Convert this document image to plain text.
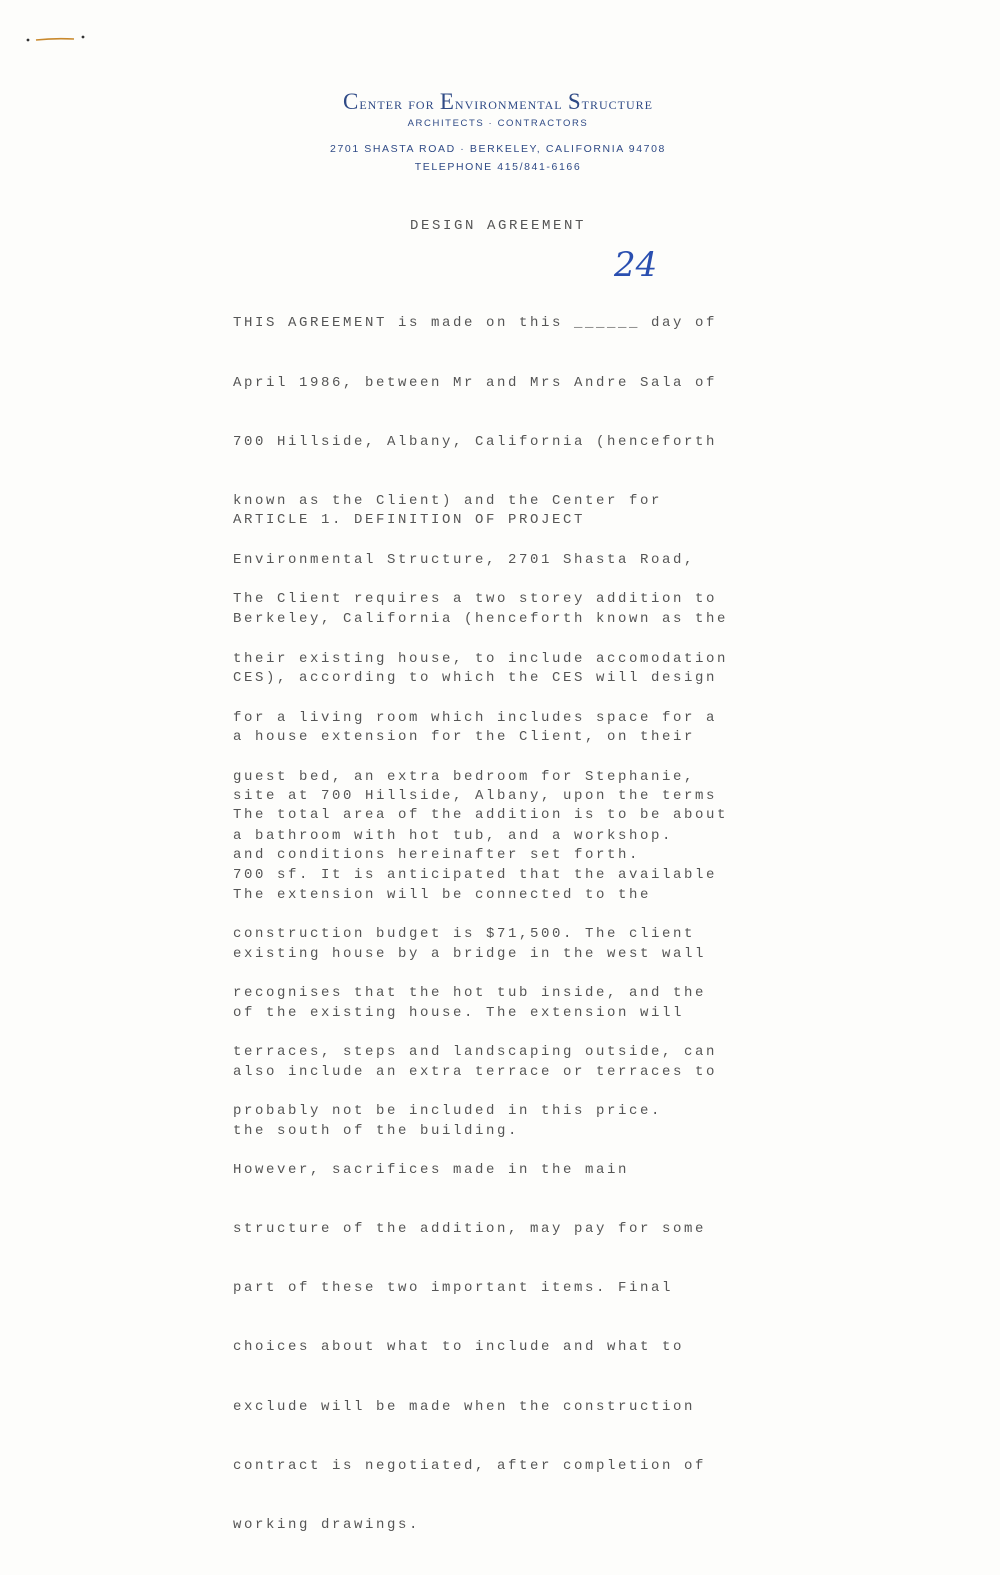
Center for Environmental Structure
ARCHITECTS · CONTRACTORS
2701 SHASTA ROAD · BERKELEY, CALIFORNIA 94708
TELEPHONE 415/841-6166
DESIGN AGREEMENT
24

THIS AGREEMENT is made on this ______ day of

April 1986, between Mr and Mrs Andre Sala of

700 Hillside, Albany, California (henceforth

known as the Client) and the Center for

Environmental Structure, 2701 Shasta Road,

Berkeley, California (henceforth known as the

CES), according to which the CES will design

a house extension for the Client, on their

site at 700 Hillside, Albany, upon the terms

and conditions hereinafter set forth.

ARTICLE 1. DEFINITION OF PROJECT

The Client requires a two storey addition to

their existing house, to include accomodation

for a living room which includes space for a

guest bed, an extra bedroom for Stephanie,

a bathroom with hot tub, and a workshop.

The extension will be connected to the

existing house by a bridge in the west wall

of the existing house. The extension will

also include an extra terrace or terraces to

the south of the building.

The total area of the addition is to be about

700 sf. It is anticipated that the available

construction budget is $71,500. The client

recognises that the hot tub inside, and the

terraces, steps and landscaping outside, can

probably not be included in this price.

However, sacrifices made in the main

structure of the addition, may pay for some

part of these two important items. Final

choices about what to include and what to

exclude will be made when the construction

contract is negotiated, after completion of

working drawings.
